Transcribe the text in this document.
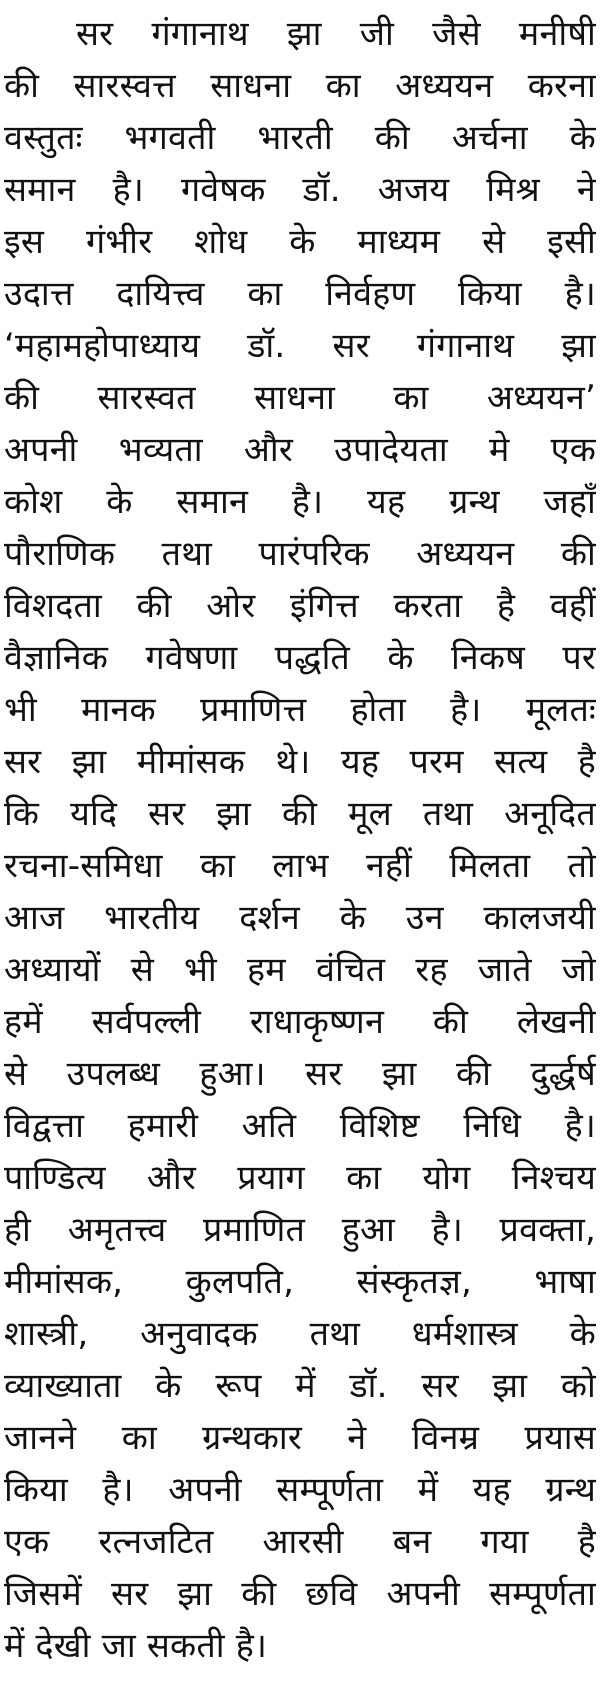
सर गंगानाथ झा जी जैसे मनीषी
की सारस्वत्त साधना का अध्ययन करना
वस्तुतः भगवती भारती की अर्चना के
समान है। गवेषक डॉ. अजय मिश्र ने
इस गंभीर शोध के माध्यम से इसी
उदात्त दायित्त्व का निर्वहण किया है।
‘महामहोपाध्याय डॉ. सर गंगानाथ झा
की सारस्वत साधना का अध्ययन’
अपनी भव्यता और उपादेयता मे एक
कोश के समान है। यह ग्रन्थ जहाँ
पौराणिक तथा पारंपरिक अध्ययन की
विशदता की ओर इंगित्त करता है वहीं
वैज्ञानिक गवेषणा पद्धति के निकष पर
भी मानक प्रमाणित्त होता है। मूलतः
सर झा मीमांसक थे। यह परम सत्य है
कि यदि सर झा की मूल तथा अनूदित
रचना-समिधा का लाभ नहीं मिलता तो
आज भारतीय दर्शन के उन कालजयी
अध्यायों से भी हम वंचित रह जाते जो
हमें सर्वपल्ली राधाकृष्णन की लेखनी
से उपलब्ध हुआ। सर झा की दुर्द्धर्ष
विद्वत्ता हमारी अति विशिष्ट निधि है।
पाण्डित्य और प्रयाग का योग निश्चय
ही अमृतत्त्व प्रमाणित हुआ है। प्रवक्ता,
मीमांसक, कुलपति, संस्कृतज्ञ, भाषा
शास्त्री, अनुवादक तथा धर्मशास्त्र के
व्याख्याता के रूप में डॉ. सर झा को
जानने का ग्रन्थकार ने विनम्र प्रयास
किया है। अपनी सम्पूर्णता में यह ग्रन्थ
एक रत्नजटित आरसी बन गया है
जिसमें सर झा की छवि अपनी सम्पूर्णता
में देखी जा सकती है।
